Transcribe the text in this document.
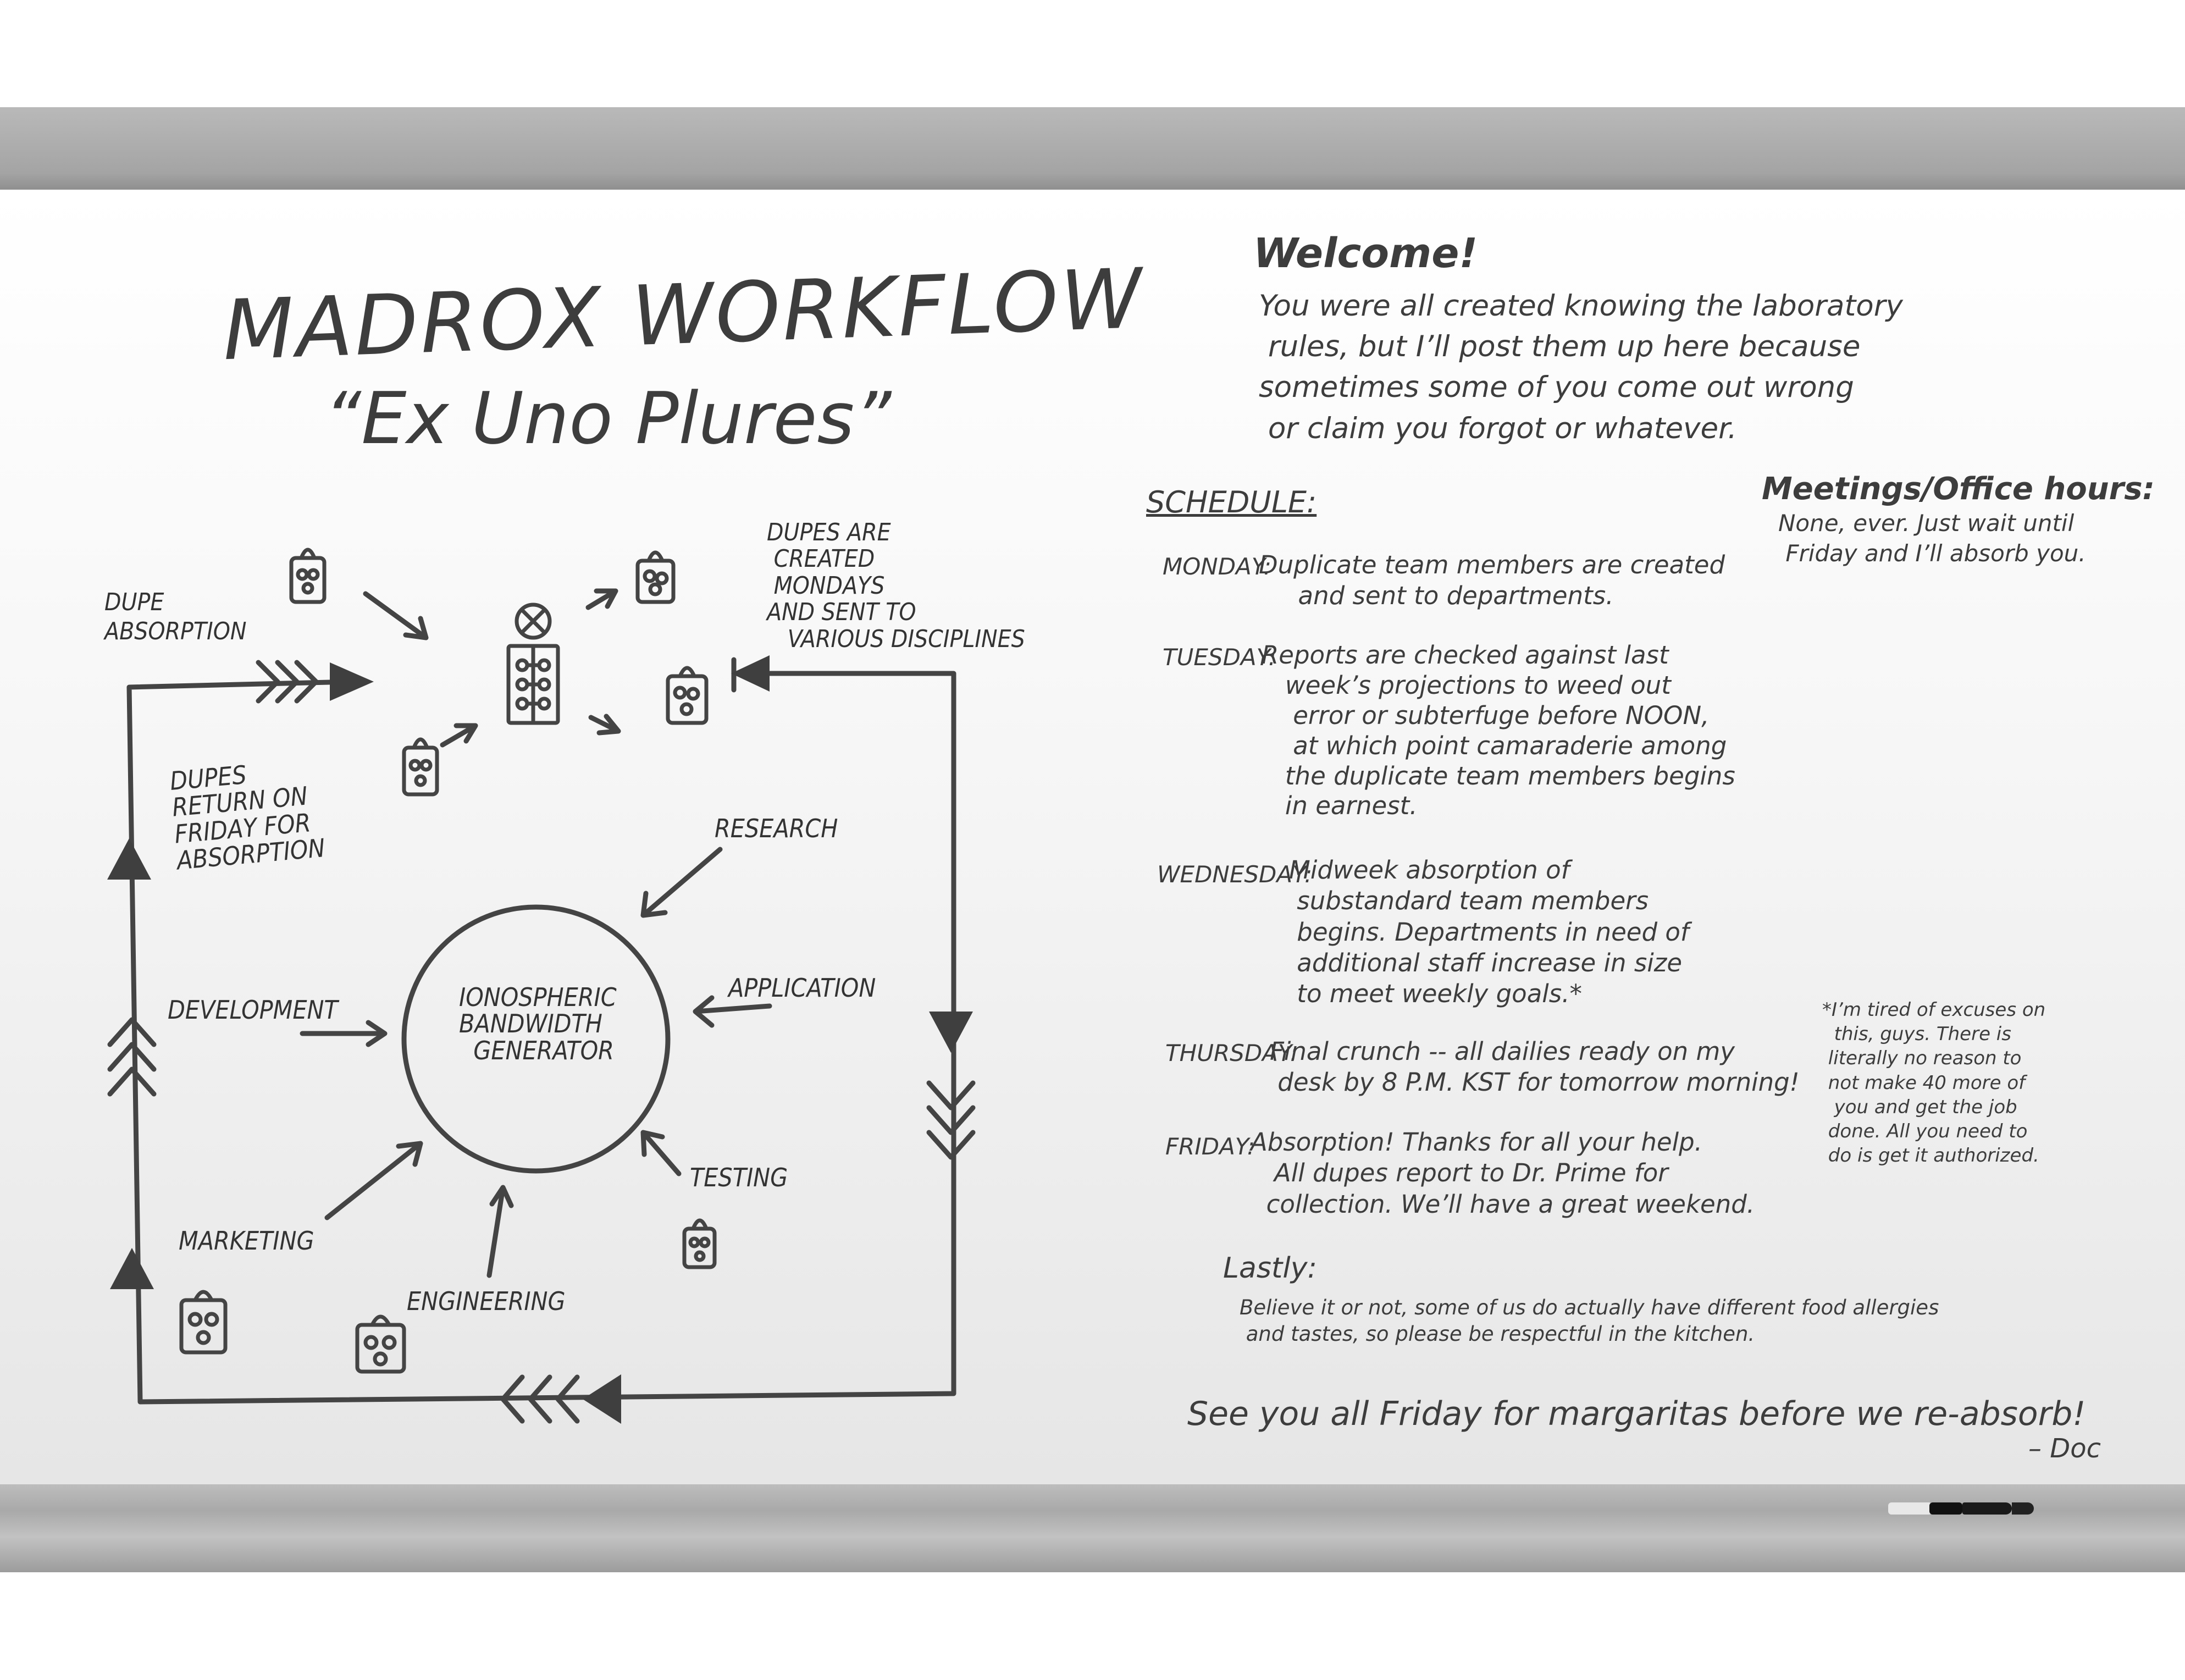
MADROX WORKFLOW
“Ex Uno Plures”
DUPE
ABSORPTION
DUPES ARE
CREATED
MONDAYS
AND SENT TO
VARIOUS DISCIPLINES
DUPES
RETURN ON
FRIDAY FOR
ABSORPTION
IONOSPHERIC
BANDWIDTH
GENERATOR
RESEARCH
APPLICATION
DEVELOPMENT
TESTING
MARKETING
ENGINEERING
Welcome!
You were all created knowing the laboratory
rules, but I’ll post them up here because
sometimes some of you come out wrong
or claim you forgot or whatever.
SCHEDULE:	Meetings/Office hours:
None, ever. Just wait until
Friday and I’ll absorb you.
MONDAY:
Duplicate team members are created
and sent to departments.
TUESDAY:
Reports are checked against last
week’s projections to weed out
error or subterfuge before NOON,
at which point camaraderie among
the duplicate team members begins
in earnest.
WEDNESDAY:
Midweek absorption of
substandard team members
begins. Departments in need of
additional staff increase in size
to meet weekly goals.*
THURSDAY:
Final crunch -- all dailies ready on my
desk by 8 P.M. KST for tomorrow morning!
FRIDAY:
Absorption! Thanks for all your help.
All dupes report to Dr. Prime for
collection. We’ll have a great weekend.
*I’m tired of excuses on
this, guys. There is
literally no reason to
not make 40 more of
you and get the job
done. All you need to
do is get it authorized.
Lastly:
Believe it or not, some of us do actually have different food allergies
and tastes, so please be respectful in the kitchen.
See you all Friday for margaritas before we re-absorb!
– Doc
